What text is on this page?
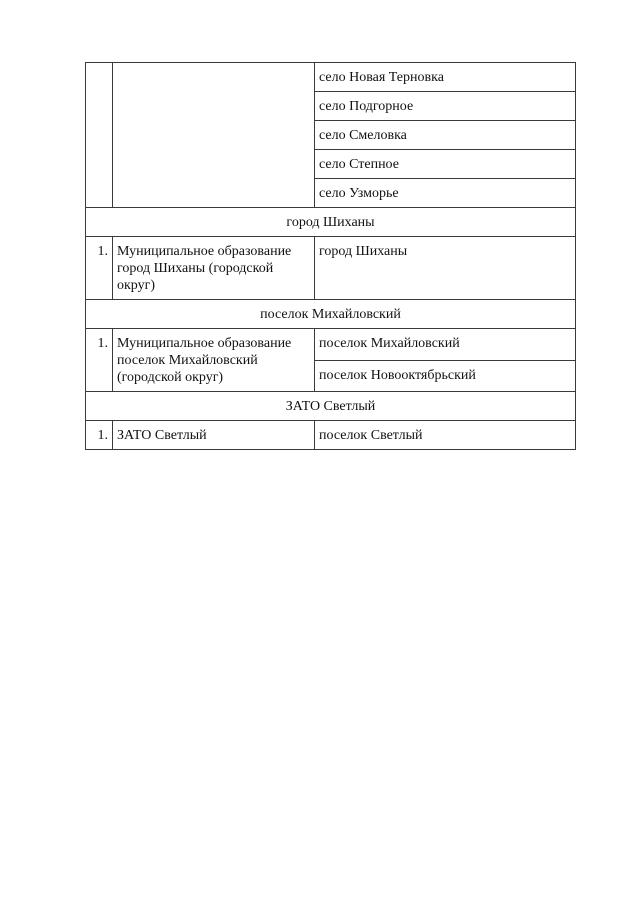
		село Новая Терновка
		село Подгорное
		село Смеловка
		село Степное
		село Узморье
город Шиханы		
1.	Муниципальное образование город Шиханы (городской округ)	город Шиханы
поселок Михайловский		
1.	Муниципальное образование поселок Михайловский (городской округ)	поселок Михайловский
		поселок Новооктябрьский
ЗАТО Светлый		
1.	ЗАТО Светлый	поселок Светлый
